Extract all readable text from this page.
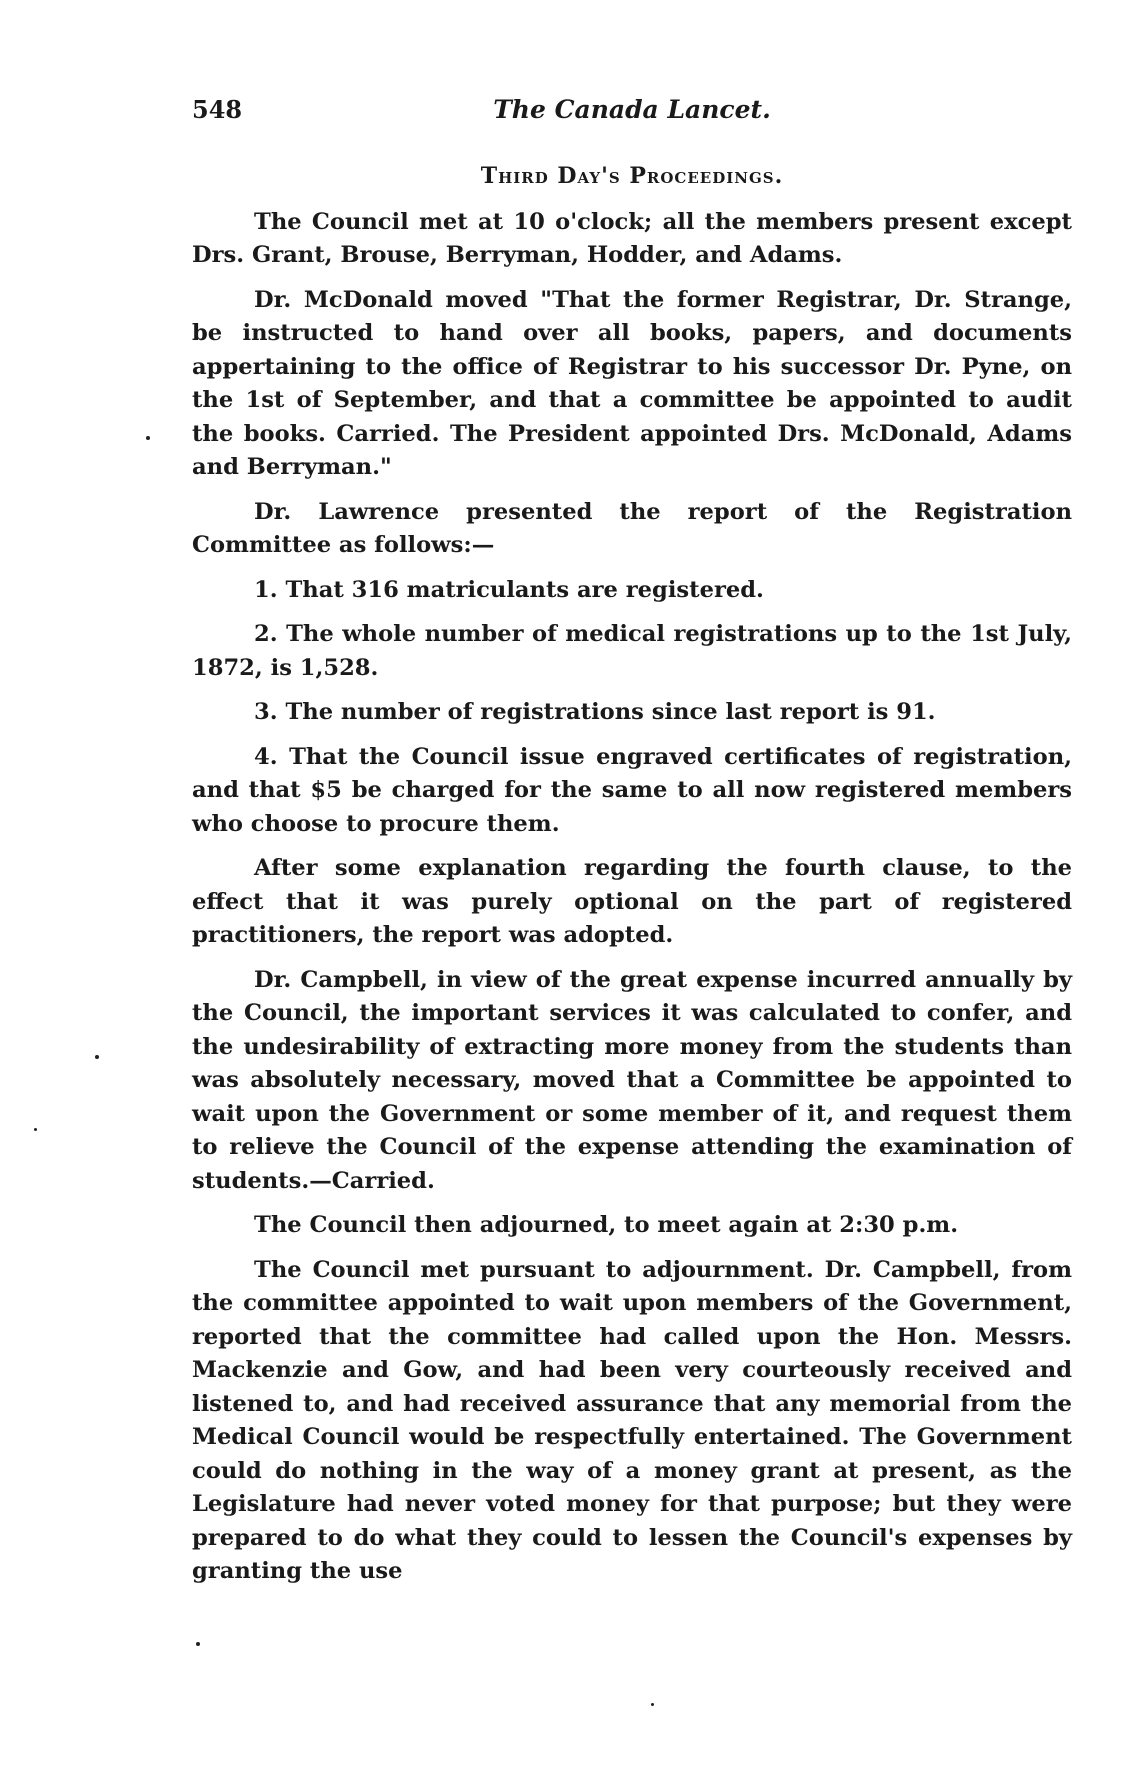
548	The Canada Lancet.
Third Day's Proceedings.

The Council met at 10 o'clock; all the members present except Drs. Grant, Brouse, Berryman, Hodder, and Adams.

Dr. McDonald moved "That the former Registrar, Dr. Strange, be instructed to hand over all books, papers, and documents appertaining to the office of Registrar to his successor Dr. Pyne, on the 1st of September, and that a committee be appointed to audit the books. Carried. The President appointed Drs. McDonald, Adams and Berryman."

Dr. Lawrence presented the report of the Registration Committee as follows:—

1. That 316 matriculants are registered.

2. The whole number of medical registrations up to the 1st July, 1872, is 1,528.

3. The number of registrations since last report is 91.

4. That the Council issue engraved certificates of registration, and that $5 be charged for the same to all now registered members who choose to procure them.

After some explanation regarding the fourth clause, to the effect that it was purely optional on the part of registered practitioners, the report was adopted.

Dr. Campbell, in view of the great expense incurred annually by the Council, the important services it was calculated to confer, and the undesirability of extracting more money from the students than was absolutely necessary, moved that a Committee be appointed to wait upon the Government or some member of it, and request them to relieve the Council of the expense attending the examination of students.—Carried.

The Council then adjourned, to meet again at 2:30 p.m.

The Council met pursuant to adjournment. Dr. Campbell, from the committee appointed to wait upon members of the Government, reported that the committee had called upon the Hon. Messrs. Mackenzie and Gow, and had been very courteously received and listened to, and had received assurance that any memorial from the Medical Council would be respectfully entertained. The Government could do nothing in the way of a money grant at present, as the Legislature had never voted money for that purpose; but they were prepared to do what they could to lessen the Council's expenses by granting the use
